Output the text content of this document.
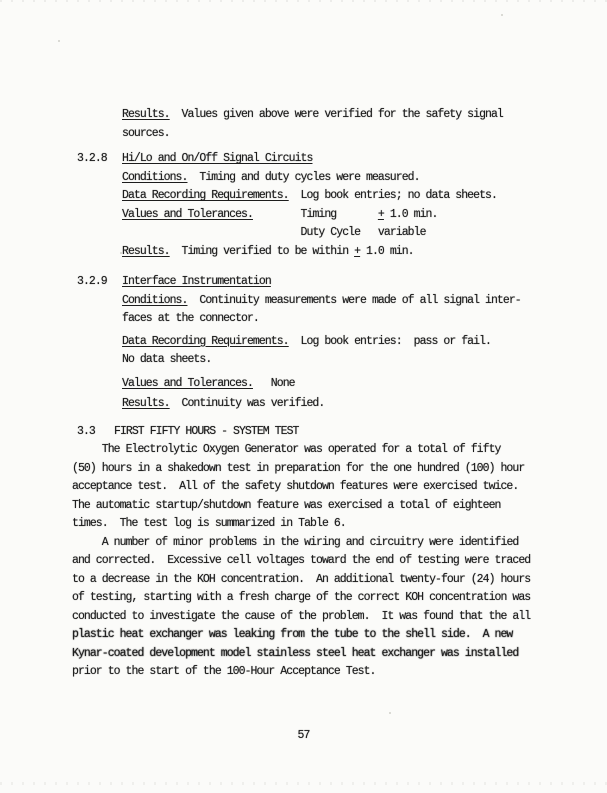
Results.  Values given above were verified for the safety signal
sources.
3.2.8 Hi/Lo and On/Off Signal Circuits
Conditions.  Timing and duty cycles were measured.
Data Recording Requirements.  Log book entries; no data sheets.
Values and Tolerances.        Timing       + 1.0 min.
Duty Cycle   variable
Results.  Timing verified to be within + 1.0 min.
3.2.9 Interface Instrumentation
Conditions.  Continuity measurements were made of all signal inter-
faces at the connector.
Data Recording Requirements.  Log book entries:  pass or fail.
No data sheets.
Values and Tolerances.   None
Results.  Continuity was verified.
3.3 FIRST FIFTY HOURS - SYSTEM TEST
The Electrolytic Oxygen Generator was operated for a total of fifty
(50) hours in a shakedown test in preparation for the one hundred (100) hour
acceptance test.  All of the safety shutdown features were exercised twice.
The automatic startup/shutdown feature was exercised a total of eighteen
times.  The test log is summarized in Table 6.
A number of minor problems in the wiring and circuitry were identified
and corrected.  Excessive cell voltages toward the end of testing were traced
to a decrease in the KOH concentration.  An additional twenty-four (24) hours
of testing, starting with a fresh charge of the correct KOH concentration was
conducted to investigate the cause of the problem.  It was found that the all
plastic heat exchanger was leaking from the tube to the shell side.  A new
Kynar-coated development model stainless steel heat exchanger was installed
prior to the start of the 100-Hour Acceptance Test.
57
